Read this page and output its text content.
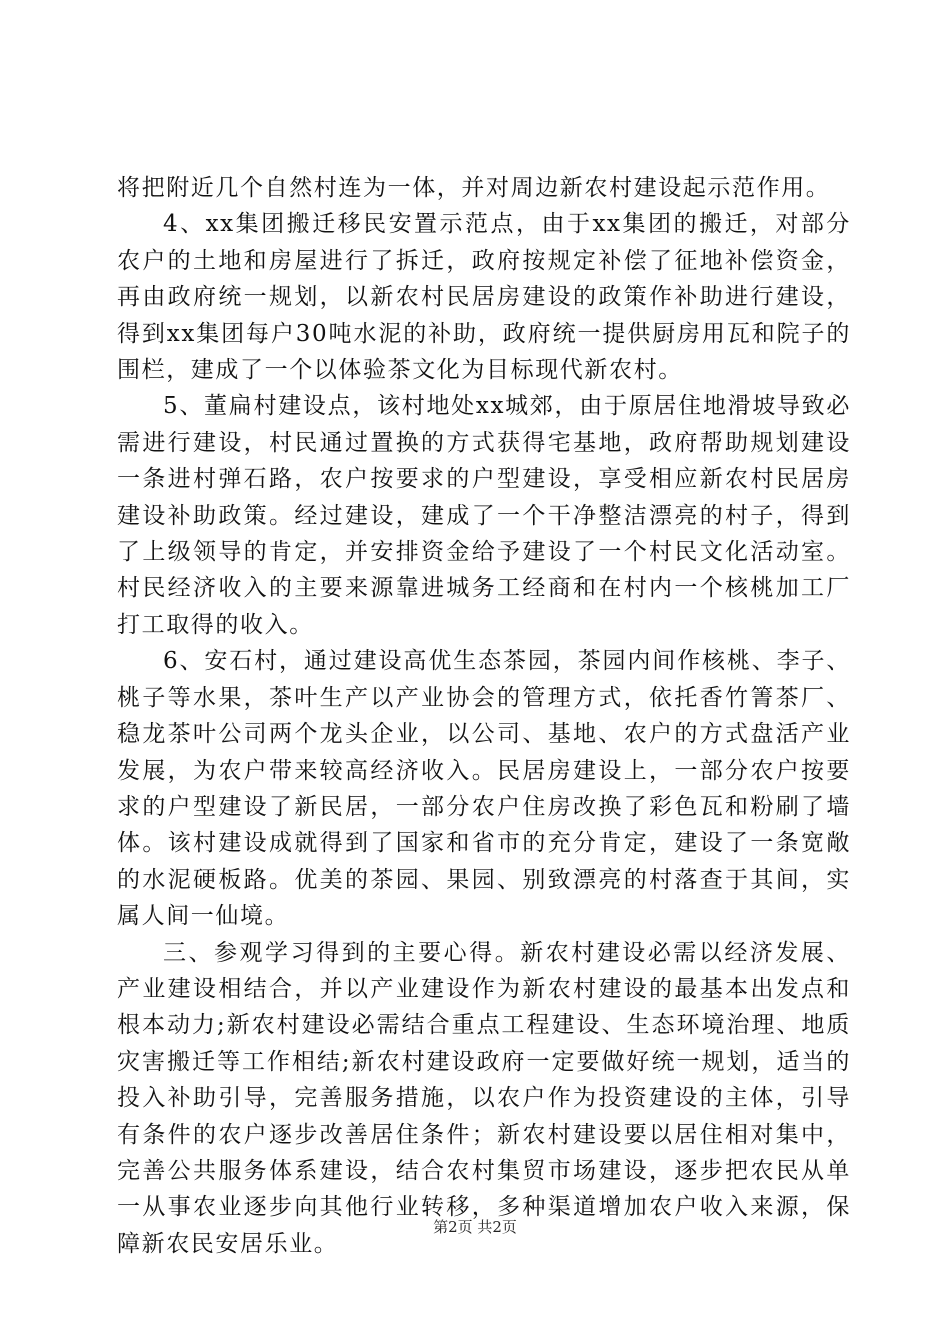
将把附近几个自然村连为一体，并对周边新农村建设起示范作用。

4、xx集团搬迁移民安置示范点，由于xx集团的搬迁，对部分农户的土地和房屋进行了拆迁，政府按规定补偿了征地补偿资金，再由政府统一规划，以新农村民居房建设的政策作补助进行建设，得到xx集团每户30吨水泥的补助，政府统一提供厨房用瓦和院子的围栏，建成了一个以体验茶文化为目标现代新农村。

5、董扁村建设点，该村地处xx城郊，由于原居住地滑坡导致必需进行建设，村民通过置换的方式获得宅基地，政府帮助规划建设一条进村弹石路，农户按要求的户型建设，享受相应新农村民居房建设补助政策。经过建设，建成了一个干净整洁漂亮的村子，得到了上级领导的肯定，并安排资金给予建设了一个村民文化活动室。村民经济收入的主要来源靠进城务工经商和在村内一个核桃加工厂打工取得的收入。

6、安石村，通过建设高优生态茶园，茶园内间作核桃、李子、桃子等水果，茶叶生产以产业协会的管理方式，依托香竹箐茶厂、稳龙茶叶公司两个龙头企业，以公司、基地、农户的方式盘活产业发展，为农户带来较高经济收入。民居房建设上，一部分农户按要求的户型建设了新民居，一部分农户住房改换了彩色瓦和粉刷了墙体。该村建设成就得到了国家和省市的充分肯定，建设了一条宽敞的水泥硬板路。优美的茶园、果园、别致漂亮的村落查于其间，实属人间一仙境。

三、参观学习得到的主要心得。新农村建设必需以经济发展、产业建设相结合，并以产业建设作为新农村建设的最基本出发点和根本动力;新农村建设必需结合重点工程建设、生态环境治理、地质灾害搬迁等工作相结;新农村建设政府一定要做好统一规划，适当的投入补助引导，完善服务措施，以农户作为投资建设的主体，引导有条件的农户逐步改善居住条件；新农村建设要以居住相对集中，完善公共服务体系建设，结合农村集贸市场建设，逐步把农民从单一从事农业逐步向其他行业转移，多种渠道增加农户收入来源，保障新农民安居乐业。

第2页 共2页
